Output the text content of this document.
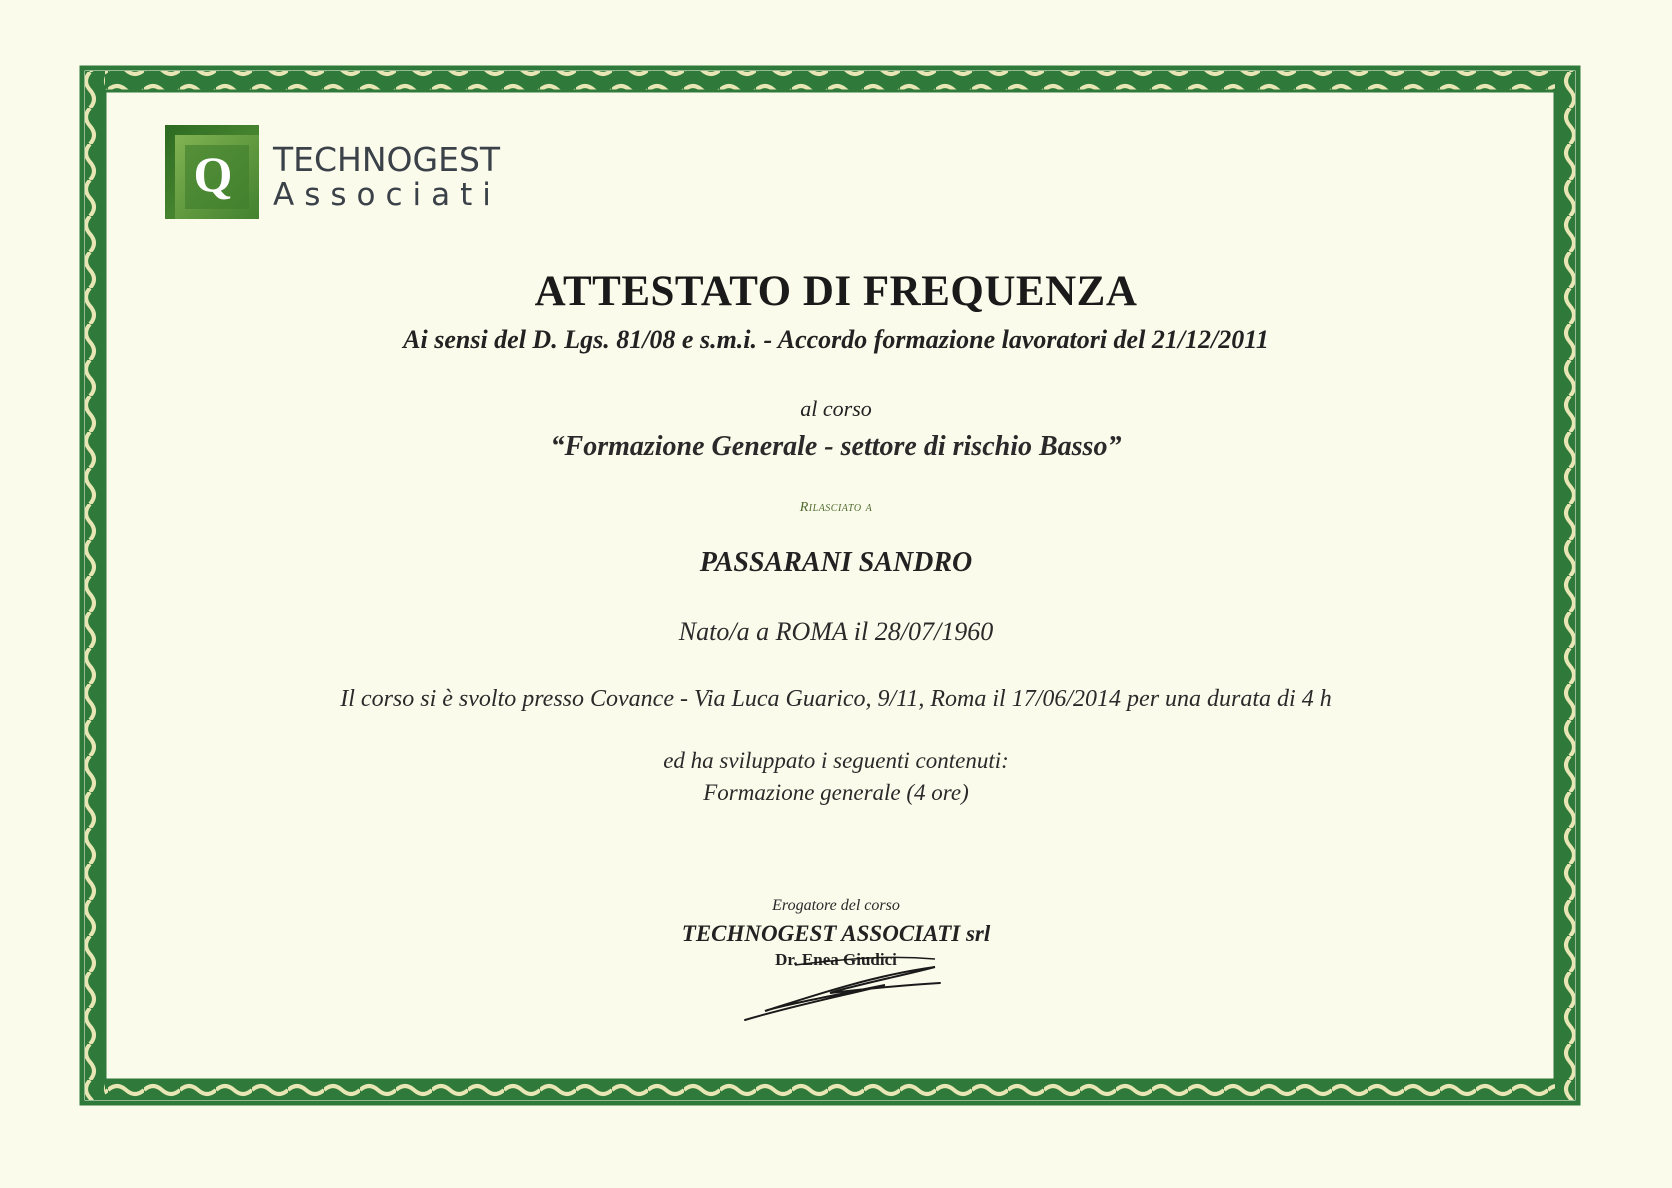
Q TECHNOGEST
Associati
ATTESTATO DI FREQUENZA
Ai sensi del D. Lgs. 81/08 e s.m.i. - Accordo formazione lavoratori del 21/12/2011
al corso
“Formazione Generale - settore di rischio Basso”
Rilasciato a
PASSARANI SANDRO
Nato/a a ROMA il 28/07/1960
Il corso si è svolto presso Covance - Via Luca Guarico, 9/11, Roma il 17/06/2014 per una durata di 4 h
ed ha sviluppato i seguenti contenuti:
Formazione generale (4 ore)
Erogatore del corso
TECHNOGEST ASSOCIATI srl
Dr. Enea Giudici
